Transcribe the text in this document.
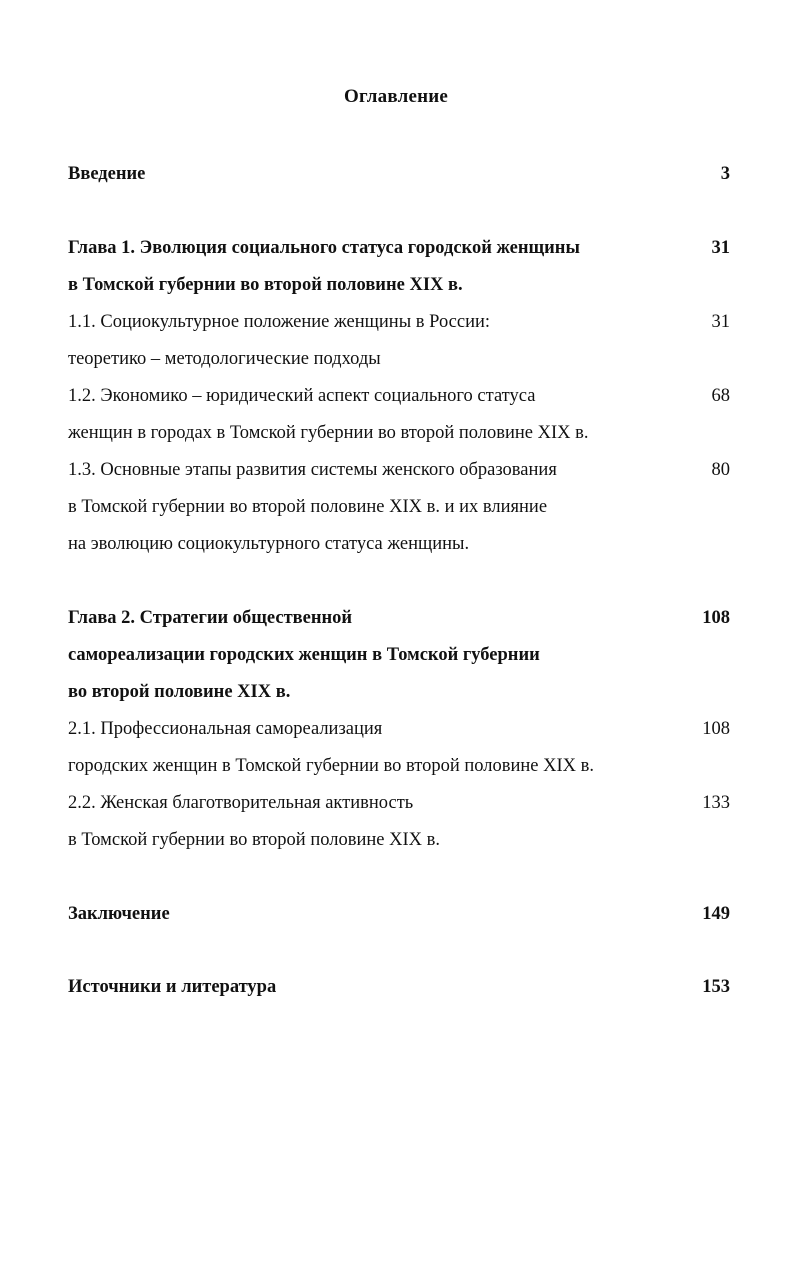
Оглавление
Введение	3
Глава 1. Эволюция социального статуса городской женщины	31
в Томской губернии во второй половине XIX в.
1.1. Социокультурное положение женщины в России:	31
теоретико – методологические подходы
1.2. Экономико – юридический аспект социального статуса	68
женщин в городах в Томской губернии во второй половине XIX в.
1.3. Основные этапы развития системы женского образования	80
в Томской губернии во второй половине XIX в. и их влияние
на эволюцию социокультурного статуса женщины.
Глава 2. Стратегии общественной	108
самореализации городских женщин в Томской губернии
во второй половине XIX в.
2.1. Профессиональная самореализация	108
городских женщин в Томской губернии во второй половине XIX в.
2.2. Женская благотворительная активность	133
в Томской губернии во второй половине XIX в.
Заключение	149
Источники и литература	153
